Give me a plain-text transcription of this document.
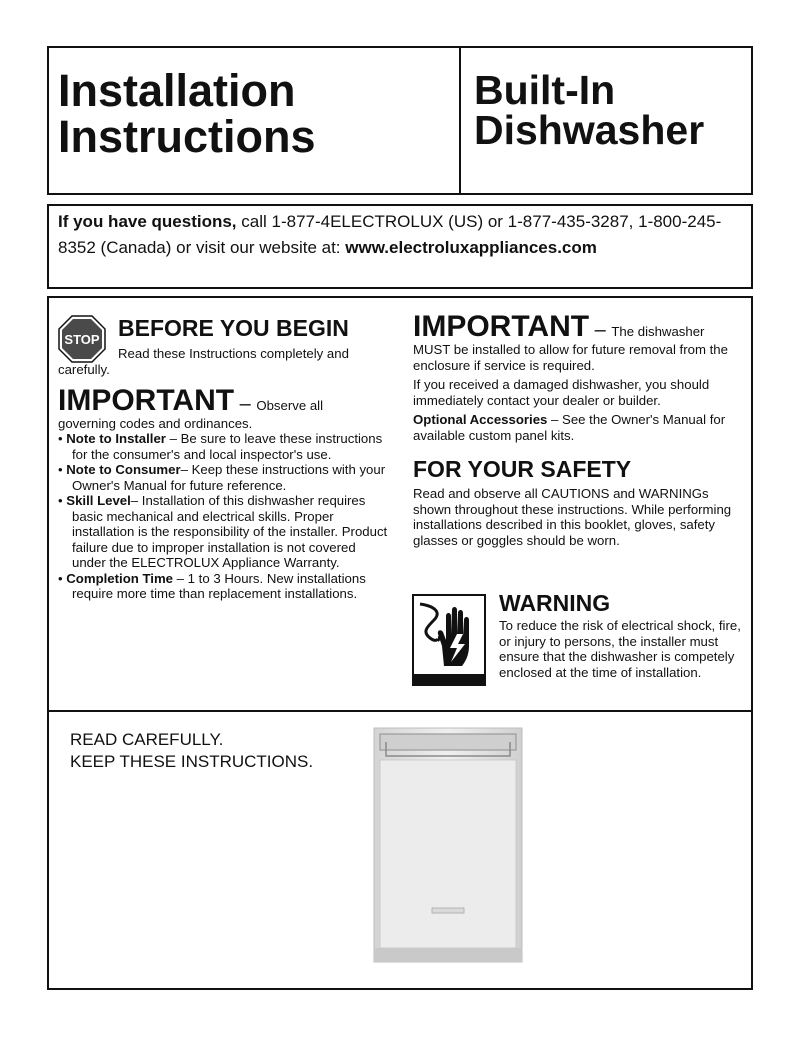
Installation
Instructions
Built-In
Dishwasher
If you have questions, call 1-877-4ELECTROLUX (US) or 1-877-435-3287, 1-800-245-8352 (Canada) or visit our website at: www.electroluxappliances.com
STOP BEFORE YOU BEGIN
Read these Instructions completely and
carefully.
IMPORTANT – Observe all
governing codes and ordinances.

• Note to Installer – Be sure to leave these instructions for the consumer's and local inspector's use.

• Note to Consumer– Keep these instructions with your Owner's Manual for future reference.

• Skill Level– Installation of this dishwasher requires basic mechanical and electrical skills. Proper installation is the responsibility of the installer. Product failure due to improper installation is not covered under the ELECTROLUX Appliance Warranty.

• Completion Time – 1 to 3 Hours. New installations require more time than replacement installations.

IMPORTANT – The dishwasher

MUST be installed to allow for future removal from the enclosure if service is required.

If you received a damaged dishwasher, you should immediately contact your dealer or builder.

Optional Accessories – See the Owner's Manual for available custom panel kits.

FOR YOUR SAFETY
Read and observe all CAUTIONS and WARNINGs shown throughout these instructions. While performing installations described in this booklet, gloves, safety glasses or goggles should be worn.
WARNING
To reduce the risk of electrical shock, fire, or injury to persons, the installer must ensure that the dishwasher is competely enclosed at the time of installation.
READ CAREFULLY.
KEEP THESE INSTRUCTIONS.
